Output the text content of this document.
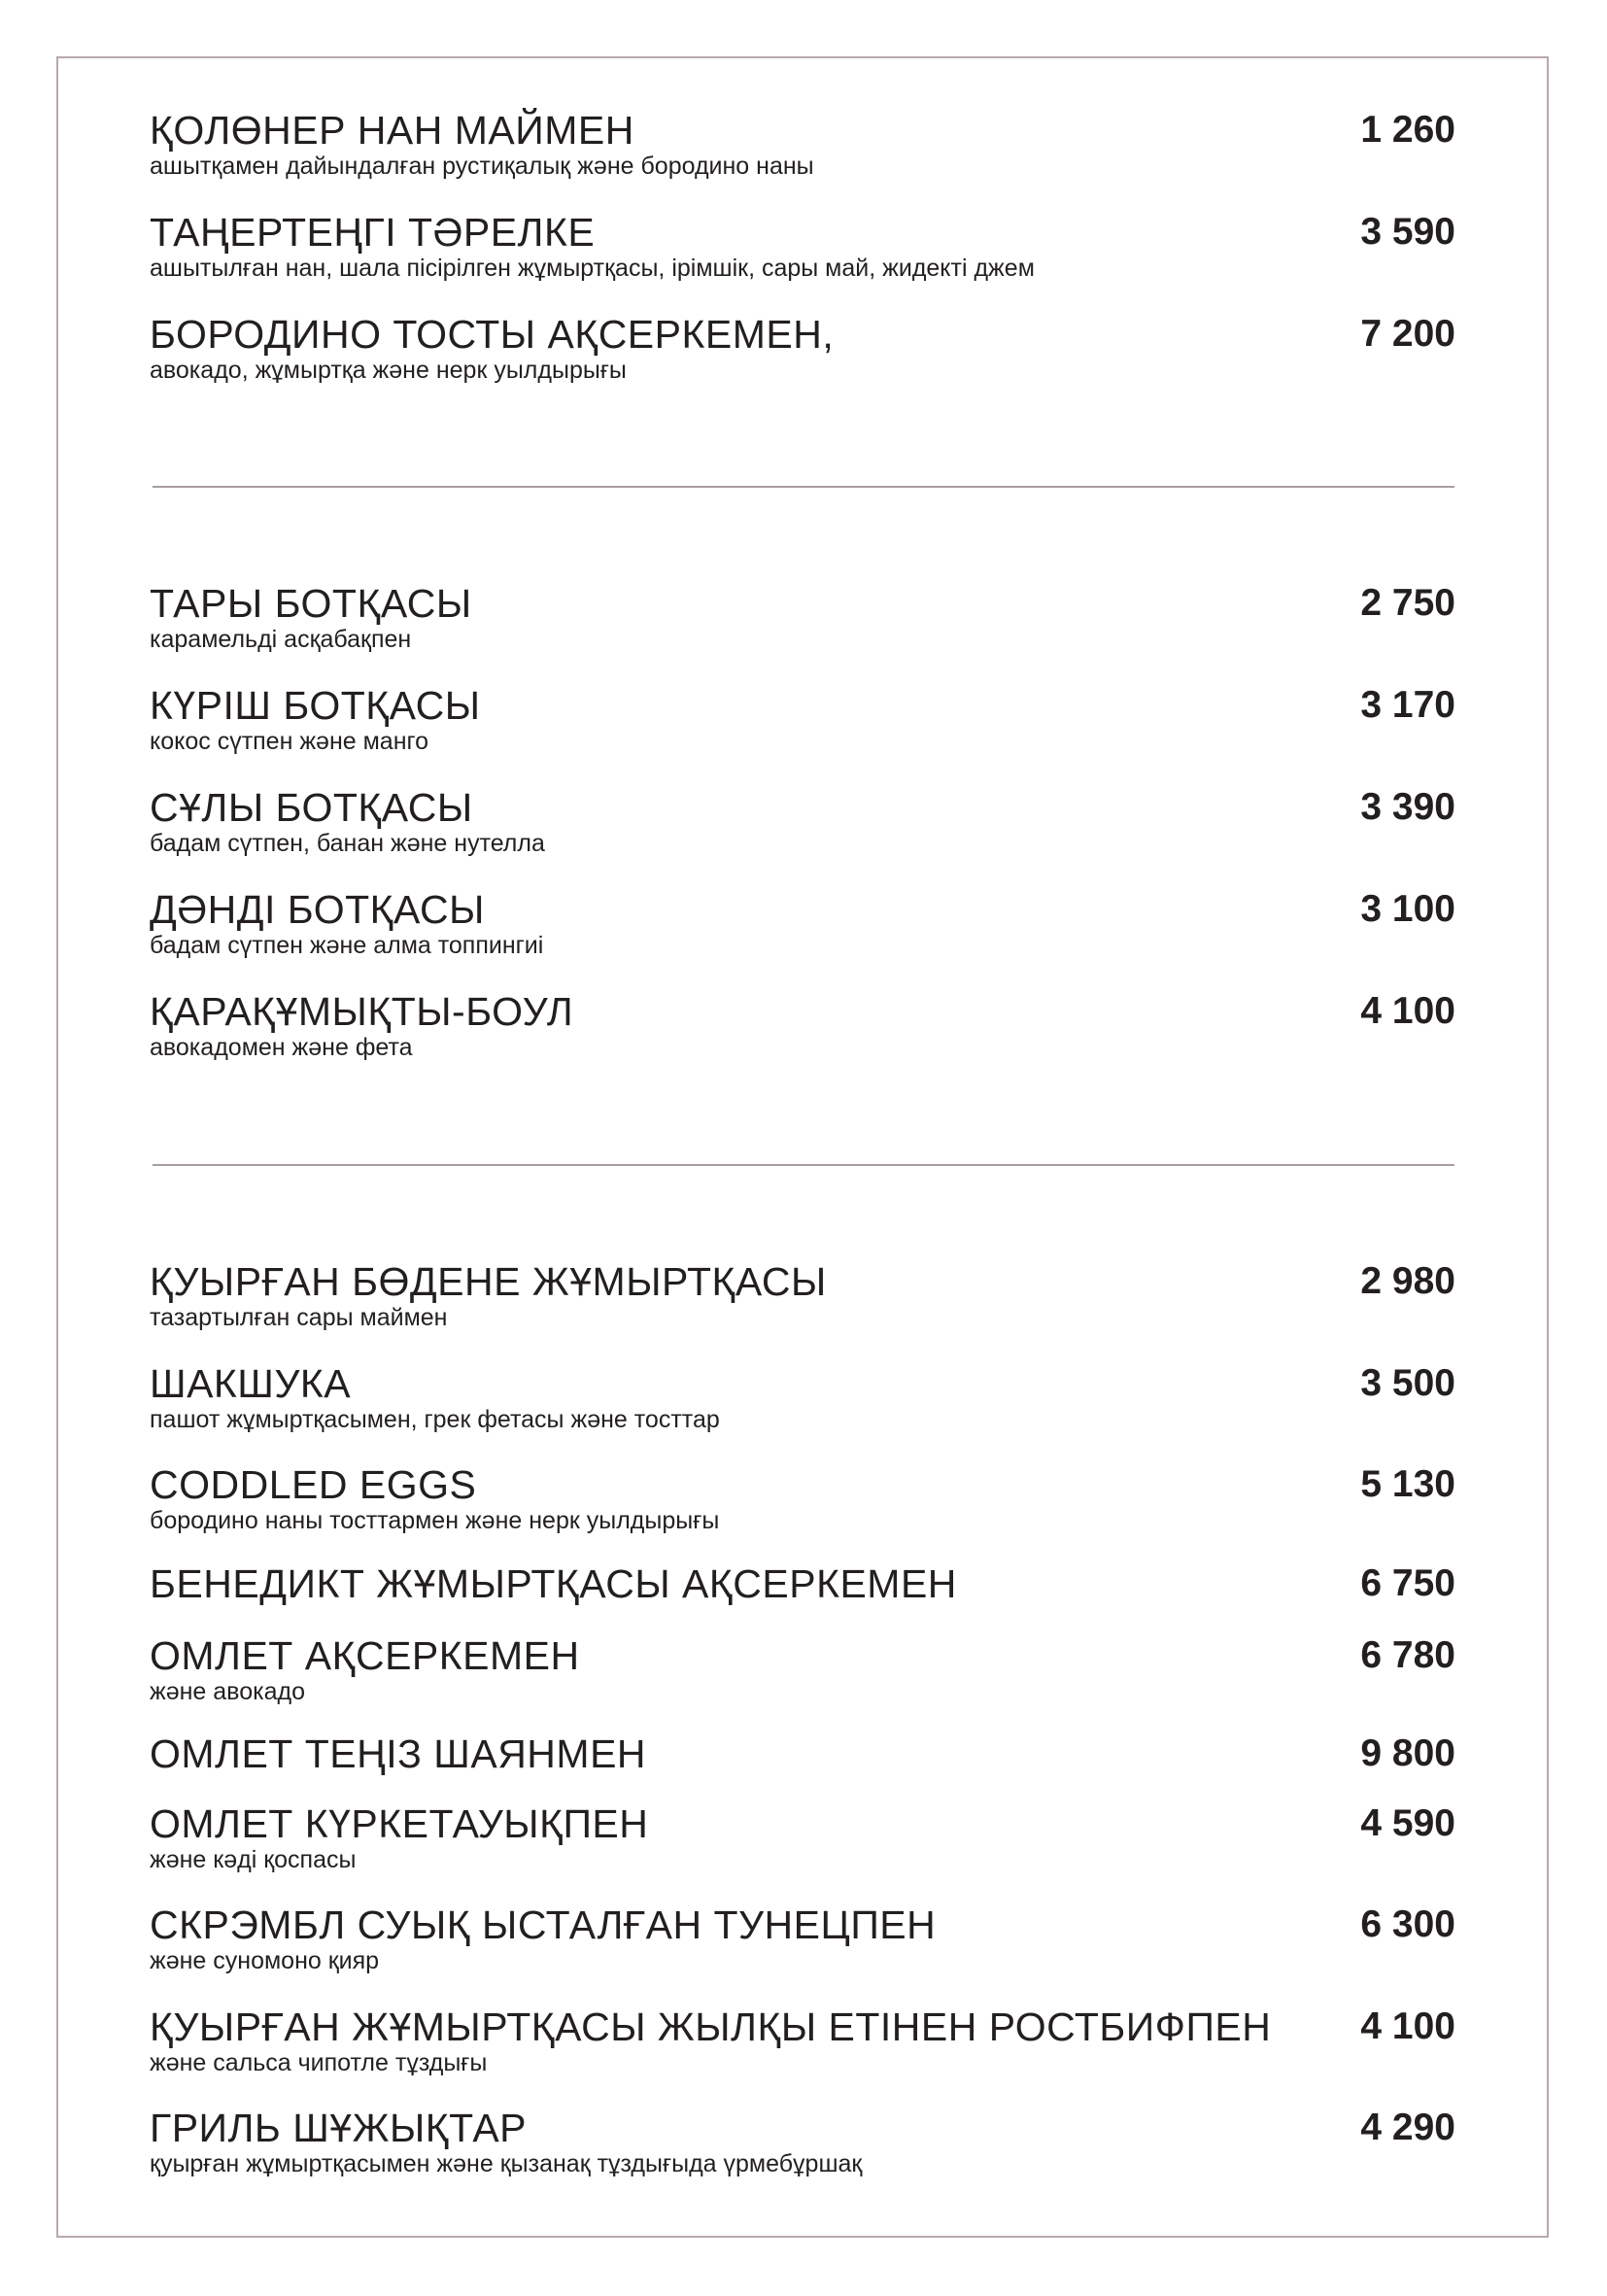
ҚОЛӨНЕР НАН МАЙМЕН
ашытқамен дайындалған рустиқалық және бородино наны
1 260
ТАҢЕРТЕҢГІ ТӘРЕЛКЕ
ашытылған нан, шала пісірілген жұмыртқасы, ірімшік, сары май, жидекті джем
3 590
БОРОДИНО ТОСТЫ АҚСЕРКЕМЕН,
авокадо, жұмыртқа және нерк уылдырығы
7 200
ТАРЫ БОТҚАСЫ
карамельді асқабақпен
2 750
КҮРІШ БОТҚАСЫ
кокос сүтпен және манго
3 170
СҰЛЫ БОТҚАСЫ
бадам сүтпен, банан және нутелла
3 390
ДӘНДІ БОТҚАСЫ
бадам сүтпен және алма топпингиі
3 100
ҚАРАҚҰМЫҚТЫ-БОУЛ
авокадомен және фета
4 100
ҚУЫРҒАН БӨДЕНЕ ЖҰМЫРТҚАСЫ
тазартылған сары маймен
2 980
ШАКШУКА
пашот жұмыртқасымен, грек фетасы және тосттар
3 500
CODDLED EGGS
бородино наны тосттармен және нерк уылдырығы
5 130
БЕНЕДИКТ ЖҰМЫРТҚАСЫ АҚСЕРКЕМЕН	6 750
ОМЛЕТ АҚСЕРКЕМЕН
және авокадо
6 780
ОМЛЕТ ТЕҢІЗ ШАЯНМЕН	9 800
ОМЛЕТ КҮРКЕТАУЫҚПЕН
және кәді қоспасы
4 590
СКРЭМБЛ СУЫҚ ЫСТАЛҒАН ТУНЕЦПЕН
және суномоно қияр
6 300
ҚУЫРҒАН ЖҰМЫРТҚАСЫ ЖЫЛҚЫ ЕТІНЕН РОСТБИФПЕН
және сальса чипотле тұздығы
4 100
ГРИЛЬ ШҰЖЫҚТАР
қуырған жұмыртқасымен және қызанақ тұздығыда үрмебұршақ
4 290
